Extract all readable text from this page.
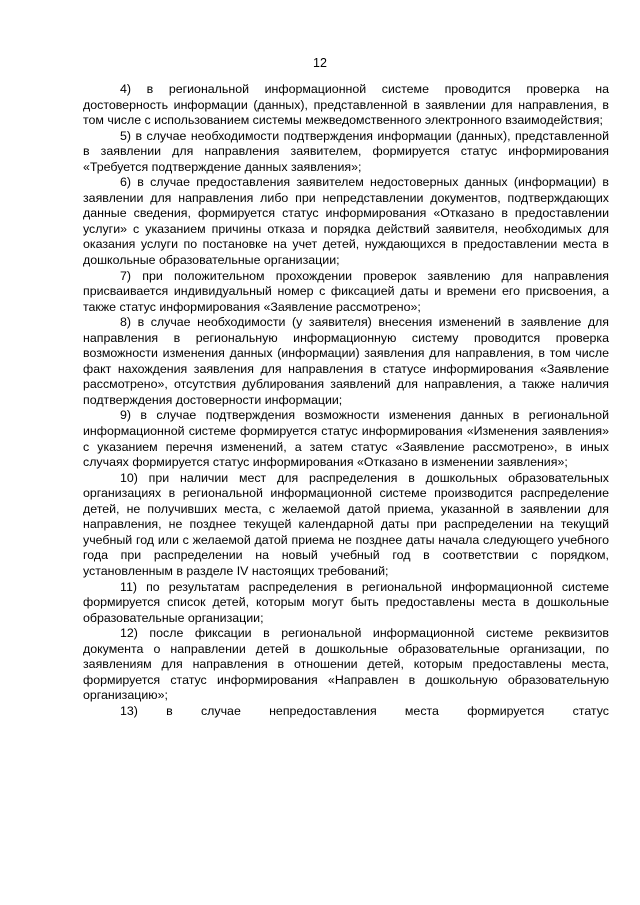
12

4) в региональной информационной системе проводится проверка на достоверность информации (данных), представленной в заявлении для направления, в том числе с использованием системы межведомственного электронного взаимодействия;

5) в случае необходимости подтверждения информации (данных), представленной в заявлении для направления заявителем, формируется статус информирования «Требуется подтверждение данных заявления»;

6) в случае предоставления заявителем недостоверных данных (информации) в заявлении для направления либо при непредставлении документов, подтверждающих данные сведения, формируется статус информирования «Отказано в предоставлении услуги» с указанием причины отказа и порядка действий заявителя, необходимых для оказания услуги по постановке на учет детей, нуждающихся в предоставлении места в дошкольные образовательные организации;

7) при положительном прохождении проверок заявлению для направления присваивается индивидуальный номер с фиксацией даты и времени его присвоения, а также статус информирования «Заявление рассмотрено»;

8) в случае необходимости (у заявителя) внесения изменений в заявление для направления в региональную информационную систему проводится проверка возможности изменения данных (информации) заявления для направления, в том числе факт нахождения заявления для направления в статусе информирования «Заявление рассмотрено», отсутствия дублирования заявлений для направления, а также наличия подтверждения достоверности информации;

9) в случае подтверждения возможности изменения данных в региональной информационной системе формируется статус информирования «Изменения заявления» с указанием перечня изменений, а затем статус «Заявление рассмотрено», в иных случаях формируется статус информирования «Отказано в изменении заявления»;

10) при наличии мест для распределения в дошкольных образовательных организациях в региональной информационной системе производится распределение детей, не получивших места, с желаемой датой приема, указанной в заявлении для направления, не позднее текущей календарной даты при распределении на текущий учебный год или с желаемой датой приема не позднее даты начала следующего учебного года при распределении на новый учебный год в соответствии с порядком, установленным в разделе IV настоящих требований;

11) по результатам распределения в региональной информационной системе формируется список детей, которым могут быть предоставлены места в дошкольные образовательные организации;

12) после фиксации в региональной информационной системе реквизитов документа о направлении детей в дошкольные образовательные организации, по заявлениям для направления в отношении детей, которым предоставлены места, формируется статус информирования «Направлен в дошкольную образовательную организацию»;

13) в случае непредоставления места формируется статус
